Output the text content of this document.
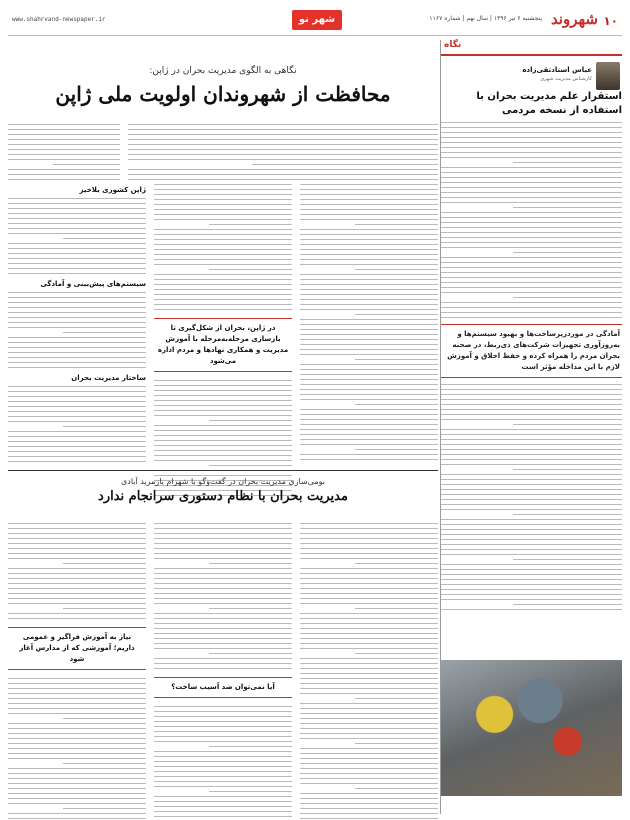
۱۰
شهروند
پنجشنبه ۶ تیر ۱۳۹۶ | سال نهم | شماره ۱۱۶۷
شهر نو
www.shahrvand-newspaper.ir
نگاه
عباس استادتقی‌زاده
کارشناس مدیریت شهری
استقرار علم مدیریت بحران با استفاده از نسخه مردمی
آمادگی در موردزیرساخت‌ها و بهبود سیستم‌ها و به‌روزآوری تجهیزات شرکت‌های ذی‌ربط، در صحنه بحران مردم را همراه کرده و حفظ اخلاق و آموزش لازم با این مداخله مؤثر است
نگاهی به الگوی مدیریت بحران در ژاپن:
محافظت از شهروندان اولویت ملی ژاپن
در ژاپن، بحران از شکل‌گیری تا بازسازی مرحله‌به‌مرحله با آموزش مدیریت و همکاری نهادها و مردم اداره می‌شود
ژاپن کشوری بلاخیز
سیستم‌های پیش‌بینی و آمادگی
ساختار مدیریت بحران
بومی‌سازی مدیریت بحران در گفت‌وگو با شهرام بازمرید آبادی
مدیریت بحران با نظام دستوری سرانجام ندارد
آیا نمی‌توان ضد آسیب ساخت؟
نیاز به آموزش فراگیر و عمومی داریم؛ آموزشی که از مدارس آغاز شود
